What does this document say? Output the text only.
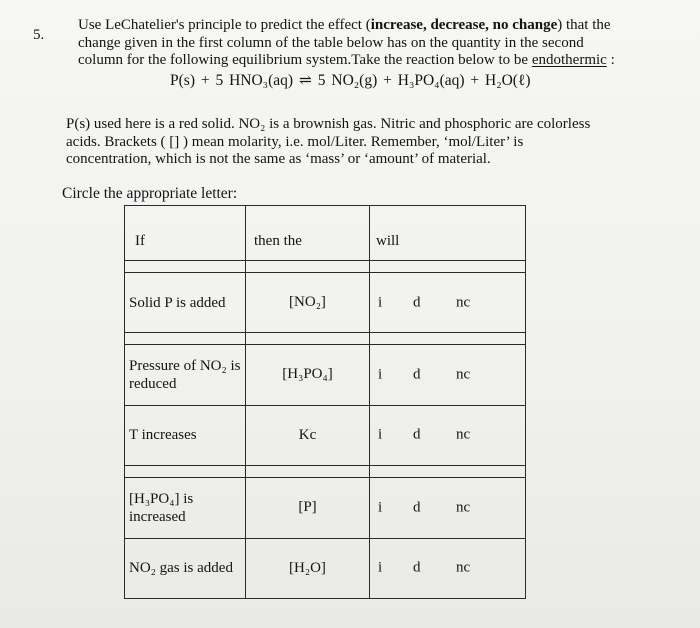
5.

Use LeChatelier's principle to predict the effect (increase, decrease, no change) that the

change given in the first column of the table below has on the quantity in the second

column for the following equilibrium system.Take the reaction below to be endothermic :

P(s) + 5 HNO₃(aq) ⇌ 5 NO₂(g) + H₃PO₄(aq) + H₂O(ℓ)

P(s) used here is a red solid. NO₂ is a brownish gas. Nitric and phosphoric are colorless

acids. Brackets ( [] ) mean molarity, i.e. mol/Liter. Remember, ‘mol/Liter’ is

concentration, which is not the same as ‘mass’ or ‘amount’ of material.

Circle the appropriate letter:
If	then the	will

Solid P is added	[NO₂]	i d nc

Pressure of NO₂ is reduced	[H₃PO₄]	i d nc

T increases	Kc	i d nc

[H₃PO₄] is increased	[P]	i d nc

NO₂ gas is added	[H₂O]	i d nc
